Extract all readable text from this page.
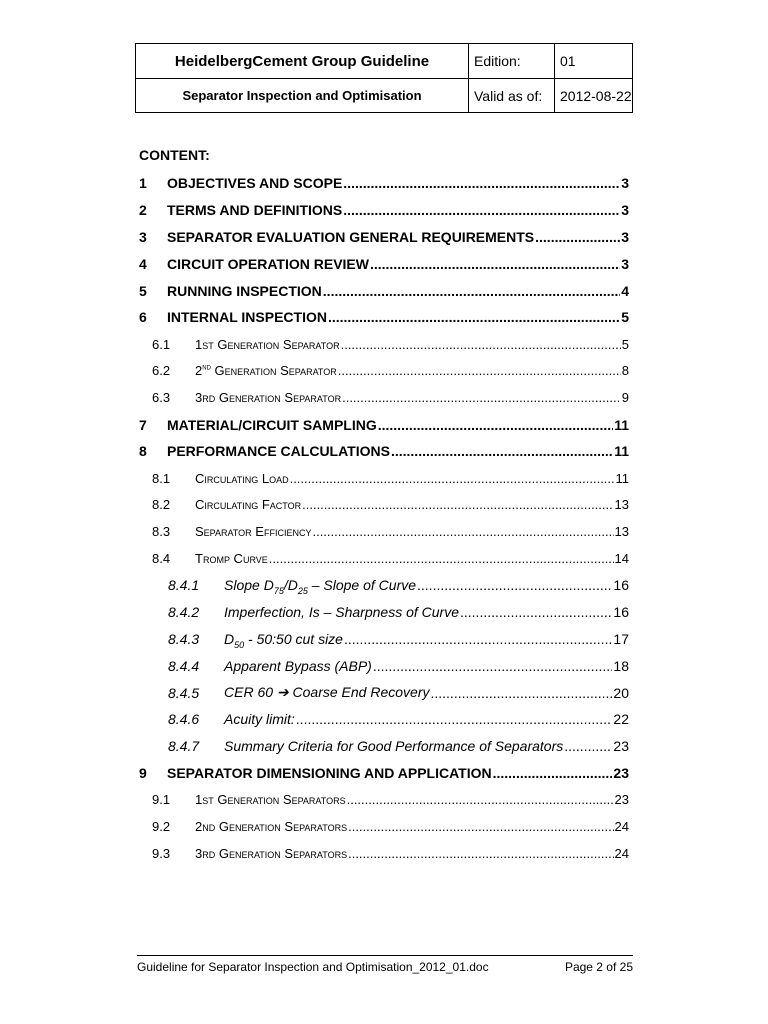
HeidelbergCement Group Guideline	Edition:	01
Separator Inspection and Optimisation	Valid as of:	2012-08-22
CONTENT:
1	OBJECTIVES AND SCOPE .....	3
2	TERMS AND DEFINITIONS .....	3
3	SEPARATOR EVALUATION GENERAL REQUIREMENTS .....	3
4	CIRCUIT OPERATION REVIEW .....	3
5	RUNNING INSPECTION .....	4
6	INTERNAL INSPECTION .....	5
6.1	1st Generation Separator .....	5
6.2	2nd Generation Separator .....	8
6.3	3rd Generation Separator .....	9
7	MATERIAL/CIRCUIT SAMPLING .....	11
8	PERFORMANCE CALCULATIONS .....	11
8.1	Circulating Load .....	11
8.2	Circulating Factor .....	13
8.3	Separator Efficiency .....	13
8.4	Tromp Curve .....	14
8.4.1	Slope $D_{75}/D_{25}$ – Slope of Curve .....	16
8.4.2	Imperfection, Is – Sharpness of Curve .....	16
8.4.3	$D_{50}$ - 50:50 cut size .....	17
8.4.4	Apparent Bypass (ABP) .....	18
8.4.5	CER 60 ➔ Coarse End Recovery .....	20
8.4.6	Acuity limit: .....	22
8.4.7	Summary Criteria for Good Performance of Separators .....	23
9	SEPARATOR DIMENSIONING AND APPLICATION .....	23
9.1	1st Generation Separators .....	23
9.2	2nd Generation Separators .....	24
9.3	3rd Generation Separators .....	24
Guideline for Separator Inspection and Optimisation_2012_01.doc	Page 2 of 25
